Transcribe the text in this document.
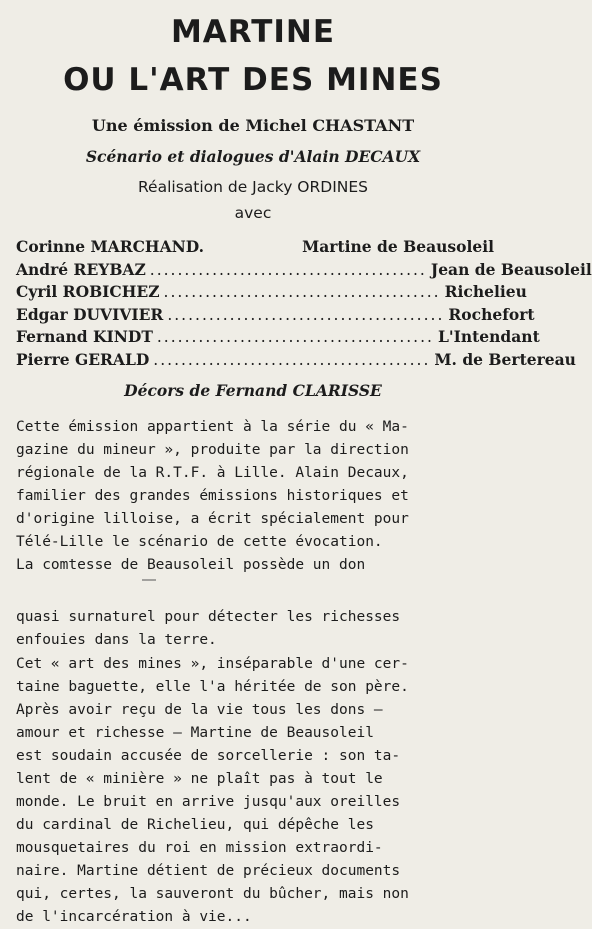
MARTINE
OU L'ART DES MINES
Une émission de Michel CHASTANT
Scénario et dialogues d'Alain DECAUX
Réalisation de Jacky ORDINES
avec
Corinne MARCHAND.	Martine de Beausoleil
André REYBAZ ........................................ Jean de Beausoleil
Cyril ROBICHEZ ........................................ Richelieu
Edgar DUVIVIER ........................................ Rochefort
Fernand KINDT ........................................ L'Intendant
Pierre GERALD ........................................ M. de Bertereau
Décors de Fernand CLARISSE
Cette émission appartient à la série du « Ma-
gazine du mineur », produite par la direction
régionale de la R.T.F. à Lille. Alain Decaux,
familier des grandes émissions historiques et
d'origine lilloise, a écrit spécialement pour
Télé-Lille le scénario de cette évocation.
La comtesse de Beausoleil possède un don
quasi surnaturel pour détecter les richesses
enfouies dans la terre.
Cet « art des mines », inséparable d'une cer-
taine baguette, elle l'a héritée de son père.
Après avoir reçu de la vie tous les dons —
amour et richesse — Martine de Beausoleil
est soudain accusée de sorcellerie : son ta-
lent de « minière » ne plaît pas à tout le
monde. Le bruit en arrive jusqu'aux oreilles
du cardinal de Richelieu, qui dépêche les
mousquetaires du roi en mission extraordi-
naire. Martine détient de précieux documents
qui, certes, la sauveront du bûcher, mais non
de l'incarcération à vie...
